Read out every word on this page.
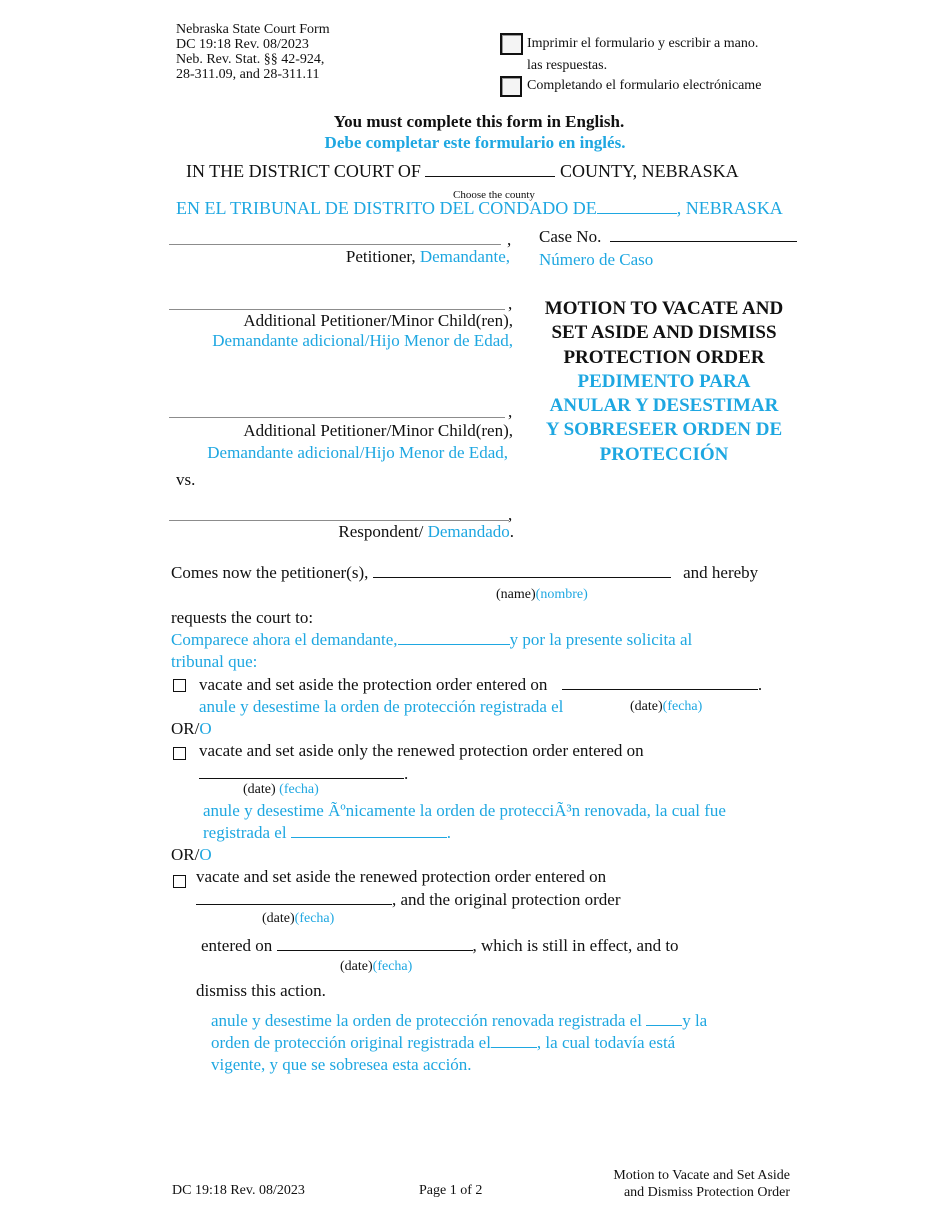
Nebraska State Court Form
DC 19:18 Rev. 08/2023
Neb. Rev. Stat. §§ 42-924,
28-311.09, and 28-311.11
Imprimir el formulario y escribir a mano.
las respuestas.
Completando el formulario electrónicame
You must complete this form in English.
Debe completar este formulario en inglés.
IN THE DISTRICT COURT OF	COUNTY, NEBRASKA
Choose the county
EN EL TRIBUNAL DE DISTRITO DEL CONDADO DE	, NEBRASKA
,
Petitioner, Demandante,
,
Additional Petitioner/Minor Child(ren),
Demandante adicional/Hijo Menor de Edad,
,
Additional Petitioner/Minor Child(ren),
Demandante adicional/Hijo Menor de Edad,
vs.
,
Respondent/ Demandado.
Case No.
Número de Caso
MOTION TO VACATE AND
SET ASIDE AND DISMISS
PROTECTION ORDER
PEDIMENTO PARA
ANULAR Y DESESTIMAR
Y SOBRESEER ORDEN DE
PROTECCIÓN
Comes now the petitioner(s),	and hereby
(name)(nombre)
requests the court to:
Comparece ahora el demandante,	y por la presente solicita al
tribunal que:
vacate and set aside the protection order entered on	.
anule y desestime la orden de protección registrada el	(date)(fecha)
OR/O
vacate and set aside only the renewed protection order entered on
.
(date) (fecha)
anule y desestime Ãºnicamente la orden de protecciÃ³n renovada, la cual fue
registrada el	.
OR/O
vacate and set aside the renewed protection order entered on
, and the original protection order
(date)(fecha)
entered on	, which is still in effect, and to
(date)(fecha)
dismiss this action.
anule y desestime la orden de protección renovada registrada el y la
orden de protección original registrada el	, la cual todavía está
vigente, y que se sobresea esta acción.
DC 19:18 Rev. 08/2023	Page 1 of 2
Motion to Vacate and Set Aside
and Dismiss Protection Order
